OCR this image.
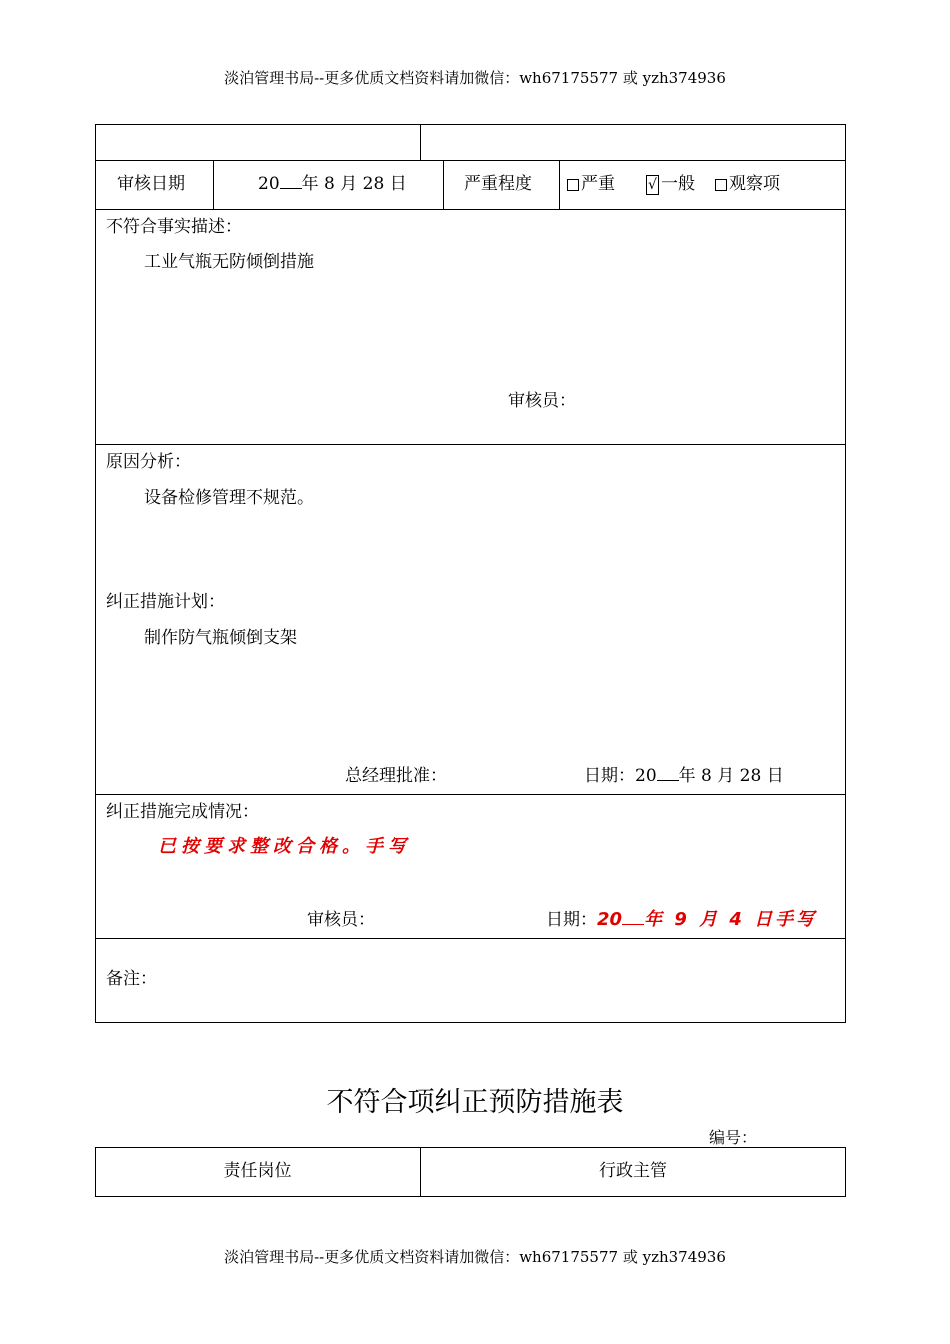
淡泊管理书局--更多优质文档资料请加微信：wh67175577 或 yzh374936
审核日期	20 年 8 月 28 日	严重程度	严重 √ 一般	观察项
不符合事实描述：
工业气瓶无防倾倒措施
审核员：
原因分析：
设备检修管理不规范。
纠正措施计划：
制作防气瓶倾倒支架
总经理批准：	日期：20 年 8 月 28 日
纠正措施完成情况：
已按要求整改合格。手写
审核员：	日期：20 年 9 月 4 日手写
备注：
不符合项纠正预防措施表
编号：
责任岗位	行政主管
淡泊管理书局--更多优质文档资料请加微信：wh67175577 或 yzh374936
